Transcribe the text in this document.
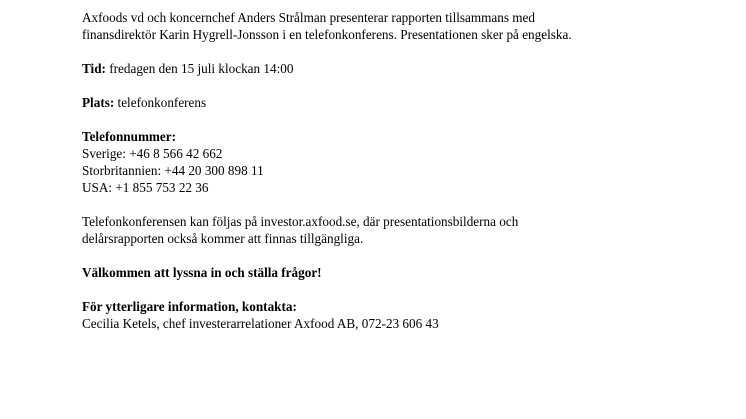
Axfoods vd och koncernchef Anders Strålman presenterar rapporten tillsammans med
finansdirektör Karin Hygrell-Jonsson i en telefonkonferens. Presentationen sker på engelska.

Tid: fredagen den 15 juli klockan 14:00

Plats: telefonkonferens

Telefonnummer:
Sverige: +46 8 566 42 662
Storbritannien: +44 20 300 898 11
USA: +1 855 753 22 36

Telefonkonferensen kan följas på investor.axfood.se, där presentationsbilderna och
delårsrapporten också kommer att finnas tillgängliga.

Välkommen att lyssna in och ställa frågor!

För ytterligare information, kontakta:
Cecilia Ketels, chef investerarrelationer Axfood AB, 072-23 606 43
